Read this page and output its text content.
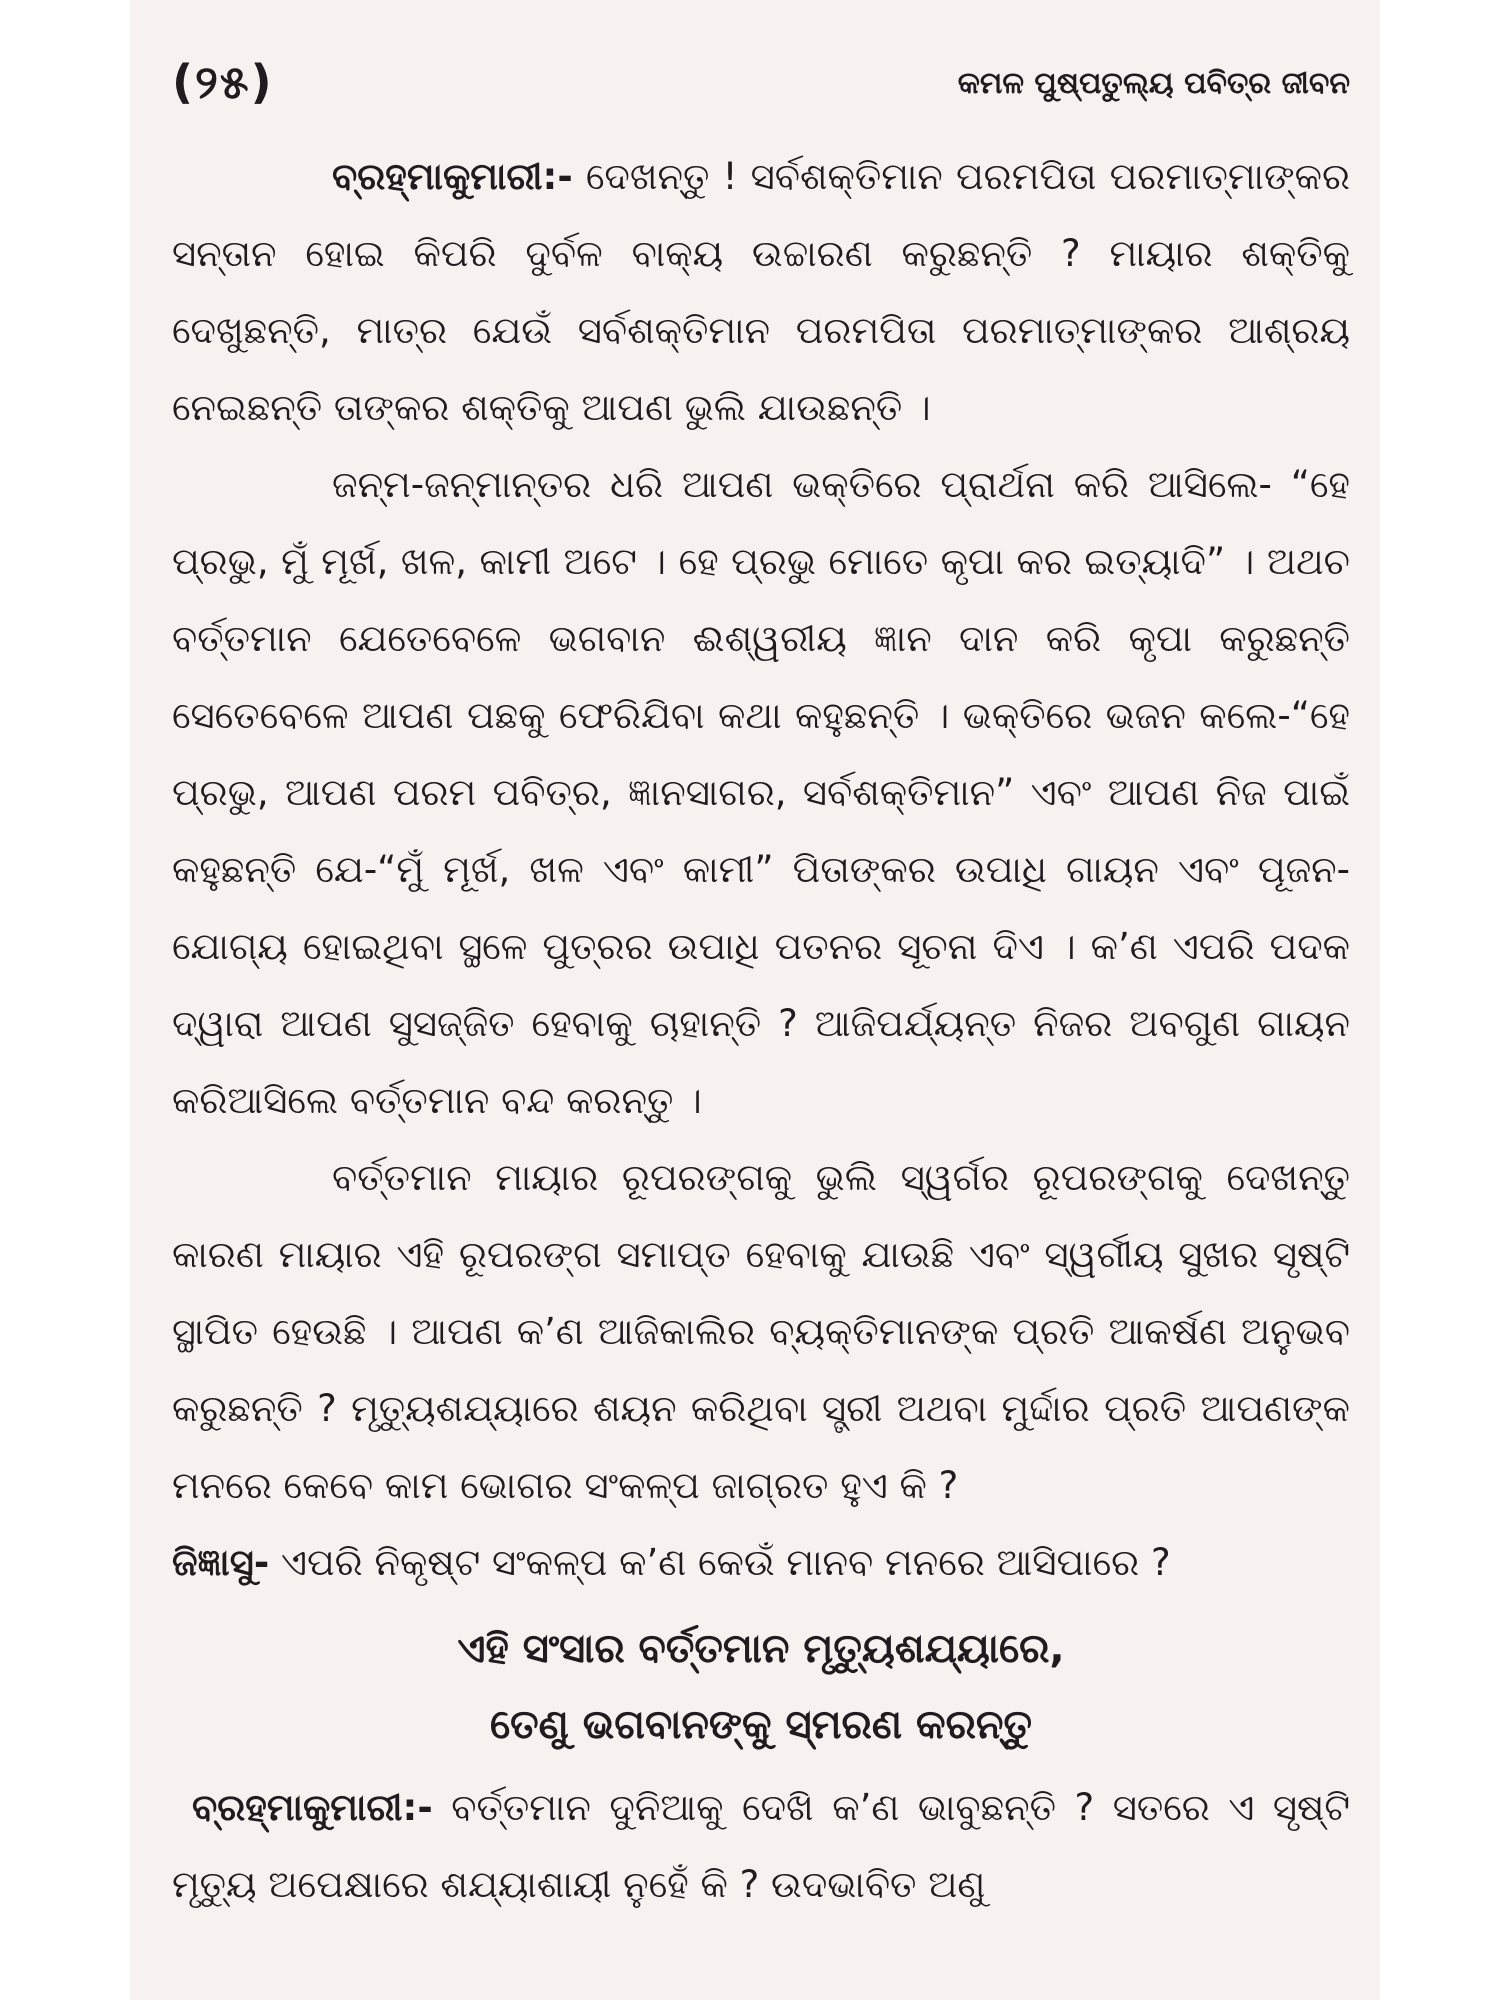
(୨୫)	କମଳ ପୁଷ୍ପତୁଲ୍ୟ ପବିତ୍ର ଜୀବନ

ବ୍ରହ୍ମାକୁମାରୀ:- ଦେଖନ୍ତୁ ! ସର୍ବଶକ୍ତିମାନ ପରମପିତା ପରମାତ୍ମାଙ୍କର ସନ୍ତାନ ହୋଇ କିପରି ଦୁର୍ବଳ ବାକ୍ୟ ଉଚ୍ଚାରଣ କରୁଛନ୍ତି ? ମାୟାର ଶକ୍ତିକୁ ଦେଖୁଛନ୍ତି, ମାତ୍ର ଯେଉଁ ସର୍ବଶକ୍ତିମାନ ପରମପିତା ପରମାତ୍ମାଙ୍କର ଆଶ୍ରୟ ନେଇଛନ୍ତି ତାଙ୍କର ଶକ୍ତିକୁ ଆପଣ ଭୁଲି ଯାଉଛନ୍ତି ।

ଜନ୍ମ-ଜନ୍ମାନ୍ତର ଧରି ଆପଣ ଭକ୍ତିରେ ପ୍ରାର୍ଥନା କରି ଆସିଲେ- “ହେ ପ୍ରଭୁ, ମୁଁ ମୂର୍ଖ, ଖଳ, କାମୀ ଅଟେ । ହେ ପ୍ରଭୁ ମୋତେ କୃପା କର ଇତ୍ୟାଦି” । ଅଥଚ ବର୍ତ୍ତମାନ ଯେତେବେଳେ ଭଗବାନ ଈଶ୍ୱରୀୟ ଜ୍ଞାନ ଦାନ କରି କୃପା କରୁଛନ୍ତି ସେତେବେଳେ ଆପଣ ପଛକୁ ଫେରିଯିବା କଥା କହୁଛନ୍ତି । ଭକ୍ତିରେ ଭଜନ କଲେ-“ହେ ପ୍ରଭୁ, ଆପଣ ପରମ ପବିତ୍ର, ଜ୍ଞାନସାଗର, ସର୍ବଶକ୍ତିମାନ” ଏବଂ ଆପଣ ନିଜ ପାଇଁ କହୁଛନ୍ତି ଯେ-“ମୁଁ ମୂର୍ଖ, ଖଳ ଏବଂ କାମୀ” ପିତାଙ୍କର ଉପାଧି ଗାୟନ ଏବଂ ପୂଜନ-ଯୋଗ୍ୟ ହୋଇଥିବା ସ୍ଥଳେ ପୁତ୍ରର ଉପାଧି ପତନର ସୂଚନା ଦିଏ । କ’ଣ ଏପରି ପଦକ ଦ୍ୱାରା ଆପଣ ସୁସଜ୍ଜିତ ହେବାକୁ ଚାହାନ୍ତି ? ଆଜିପର୍ଯ୍ୟନ୍ତ ନିଜର ଅବଗୁଣ ଗାୟନ କରିଆସିଲେ ବର୍ତ୍ତମାନ ବନ୍ଦ କରନ୍ତୁ ।

ବର୍ତ୍ତମାନ ମାୟାର ରୂପରଙ୍ଗକୁ ଭୁଲି ସ୍ୱର୍ଗର ରୂପରଙ୍ଗକୁ ଦେଖନ୍ତୁ କାରଣ ମାୟାର ଏହି ରୂପରଙ୍ଗ ସମାପ୍ତ ହେବାକୁ ଯାଉଛି ଏବଂ ସ୍ୱର୍ଗୀୟ ସୁଖର ସୃଷ୍ଟି ସ୍ଥାପିତ ହେଉଛି । ଆପଣ କ’ଣ ଆଜିକାଲିର ବ୍ୟକ୍ତିମାନଙ୍କ ପ୍ରତି ଆକର୍ଷଣ ଅନୁଭବ କରୁଛନ୍ତି ? ମୃତ୍ୟୁଶଯ୍ୟାରେ ଶୟନ କରିଥିବା ସ୍ତ୍ରୀ ଅଥବା ମୁର୍ଦ୍ଦାର ପ୍ରତି ଆପଣଙ୍କ ମନରେ କେବେ କାମ ଭୋଗର ସଂକଳ୍ପ ଜାଗ୍ରତ ହୁଏ କି ?

ଜିଜ୍ଞାସୁ- ଏପରି ନିକୃଷ୍ଟ ସଂକଳ୍ପ କ’ଣ କେଉଁ ମାନବ ମନରେ ଆସିପାରେ ?

ଏହି ସଂସାର ବର୍ତ୍ତମାନ ମୃତ୍ୟୁଶଯ୍ୟାରେ,
ତେଣୁ ଭଗବାନଙ୍କୁ ସ୍ମରଣ କରନ୍ତୁ

ବ୍ରହ୍ମାକୁମାରୀ:- ବର୍ତ୍ତମାନ ଦୁନିଆକୁ ଦେଖି କ’ଣ ଭାବୁଛନ୍ତି ? ସତରେ ଏ ସୃଷ୍ଟି ମୃତ୍ୟୁ ଅପେକ୍ଷାରେ ଶଯ୍ୟାଶାୟୀ ନୁହେଁ କି ? ଉଦଭାବିତ ଅଣୁ
